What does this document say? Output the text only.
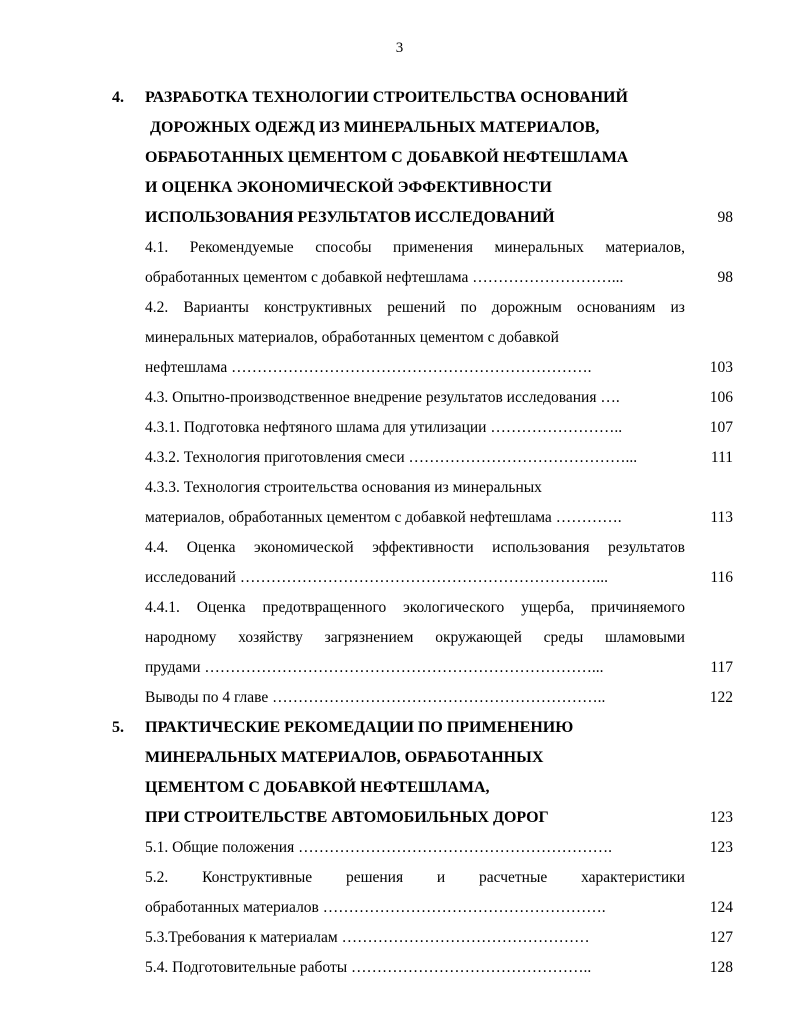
3
4. РАЗРАБОТКА ТЕХНОЛОГИИ СТРОИТЕЛЬСТВА ОСНОВАНИЙ
ДОРОЖНЫХ ОДЕЖД ИЗ МИНЕРАЛЬНЫХ МАТЕРИАЛОВ,
ОБРАБОТАННЫХ ЦЕМЕНТОМ С ДОБАВКОЙ НЕФТЕШЛАМА
И ОЦЕНКА ЭКОНОМИЧЕСКОЙ ЭФФЕКТИВНОСТИ
ИСПОЛЬЗОВАНИЯ РЕЗУЛЬТАТОВ ИССЛЕДОВАНИЙ	98
4.1. Рекомендуемые способы применения минеральных материалов,
обработанных цементом с добавкой нефтешлама ………………………...	98
4.2. Варианты конструктивных решений по дорожным основаниям из
минеральных материалов, обработанных цементом с добавкой
нефтешлама …………………………………………………………….	103
4.3. Опытно-производственное внедрение результатов исследования ….	106
4.3.1. Подготовка нефтяного шлама для утилизации ……………………..	107
4.3.2. Технология приготовления смеси ……………………………………...	111
4.3.3. Технология строительства основания из минеральных
материалов, обработанных цементом с добавкой нефтешлама ………….	113
4.4. Оценка экономической эффективности использования результатов
исследований ……………………………………………………………...	116
4.4.1. Оценка предотвращенного экологического ущерба, причиняемого
народному хозяйству загрязнением окружающей среды шламовыми
прудами …………………………………………………………………...	117
Выводы по 4 главе ………………………………………………………..	122
5. ПРАКТИЧЕСКИЕ РЕКОМЕДАЦИИ ПО ПРИМЕНЕНИЮ
МИНЕРАЛЬНЫХ МАТЕРИАЛОВ, ОБРАБОТАННЫХ
ЦЕМЕНТОМ С ДОБАВКОЙ НЕФТЕШЛАМА,
ПРИ СТРОИТЕЛЬСТВЕ АВТОМОБИЛЬНЫХ ДОРОГ	123
5.1. Общие положения …………………………………………………….	123
5.2. Конструктивные решения и расчетные характеристики
обработанных материалов ……………………………………………….	124
5.3.Требования к материалам …………………………………………	127
5.4. Подготовительные работы ………………………………………..	128
